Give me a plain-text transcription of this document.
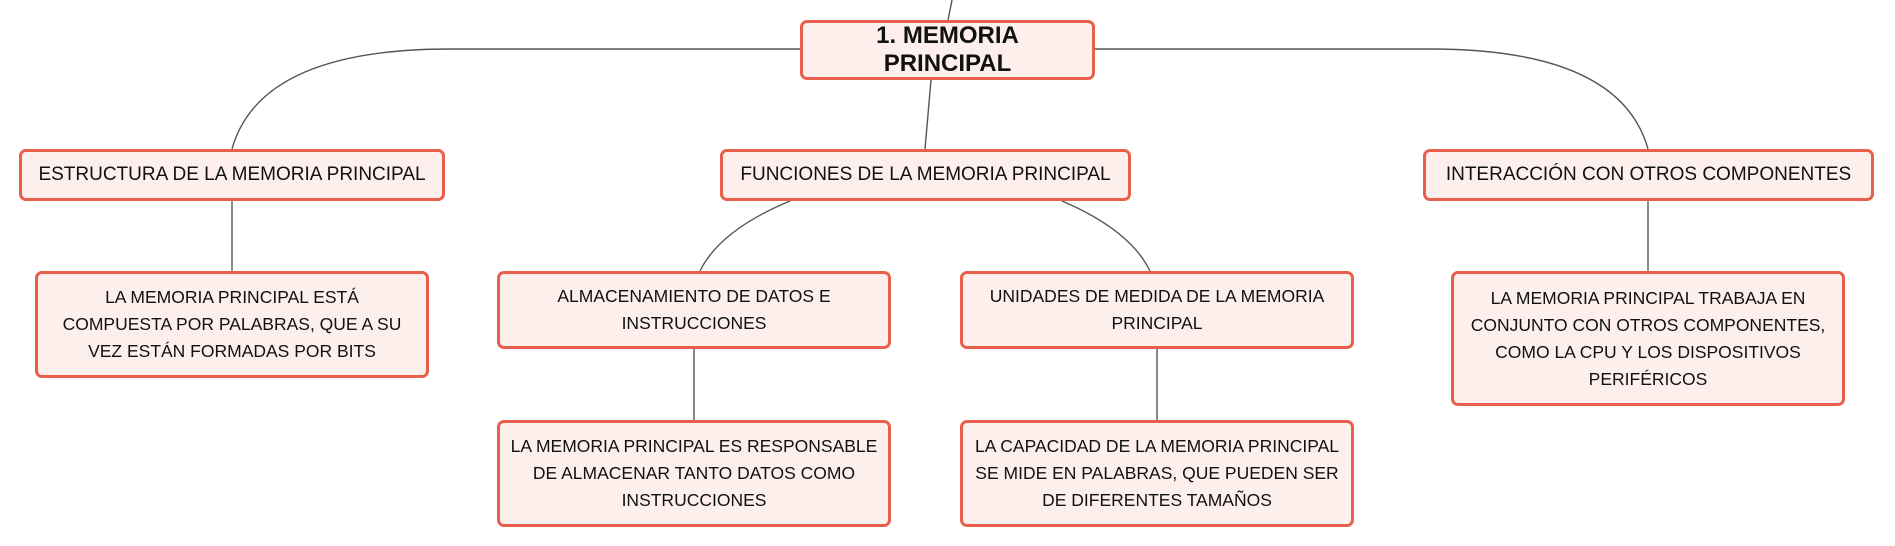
1. MEMORIA PRINCIPAL
ESTRUCTURA DE LA MEMORIA PRINCIPAL	FUNCIONES DE LA MEMORIA PRINCIPAL	INTERACCIÓN CON OTROS COMPONENTES
LA MEMORIA PRINCIPAL ESTÁ COMPUESTA POR PALABRAS, QUE A SU VEZ ESTÁN FORMADAS POR BITS
ALMACENAMIENTO DE DATOS E INSTRUCCIONES
UNIDADES DE MEDIDA DE LA MEMORIA PRINCIPAL
LA MEMORIA PRINCIPAL TRABAJA EN CONJUNTO CON OTROS COMPONENTES, COMO LA CPU Y LOS DISPOSITIVOS PERIFÉRICOS
LA MEMORIA PRINCIPAL ES RESPONSABLE DE ALMACENAR TANTO DATOS COMO INSTRUCCIONES
LA CAPACIDAD DE LA MEMORIA PRINCIPAL SE MIDE EN PALABRAS, QUE PUEDEN SER DE DIFERENTES TAMAÑOS
